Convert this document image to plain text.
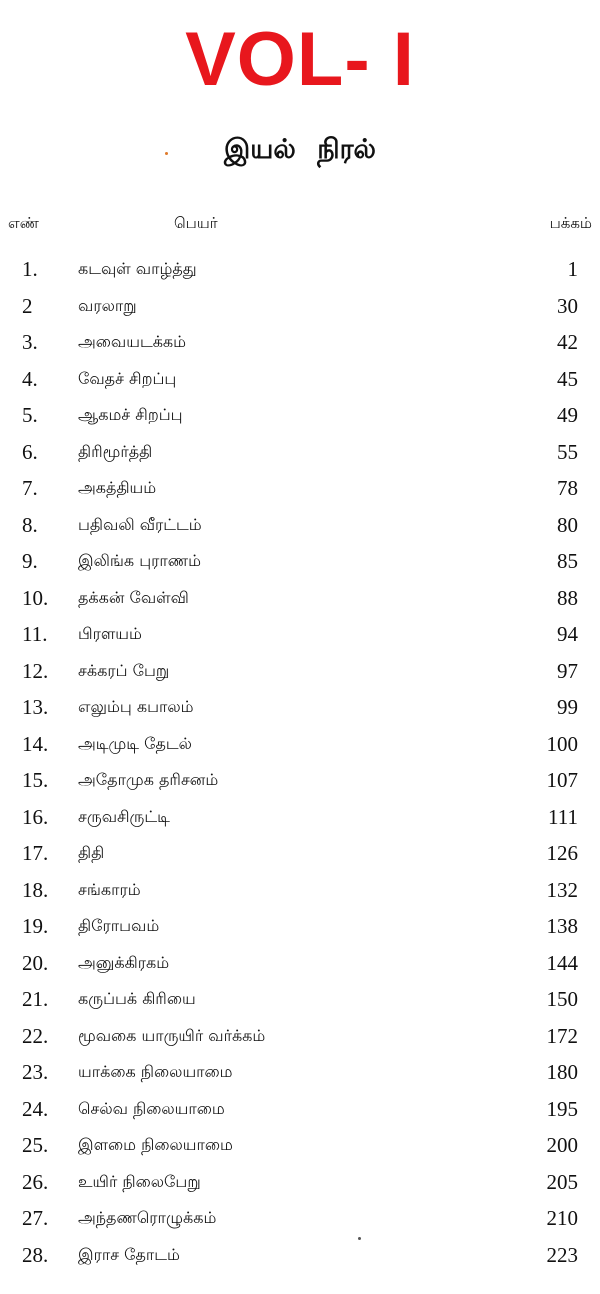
VOL- I
இயல் நிரல்
எண்	பெயர்	பக்கம்
1.	கடவுள் வாழ்த்து	1
2	வரலாறு	30
3.	அவையடக்கம்	42
4.	வேதச் சிறப்பு	45
5.	ஆகமச் சிறப்பு	49
6.	திரிமூர்த்தி	55
7.	அகத்தியம்	78
8.	பதிவலி வீரட்டம்	80
9.	இலிங்க புராணம்	85
10. தக்கன் வேள்வி	88
11. பிரளயம்	94
12. சக்கரப் பேறு	97
13. எலும்பு கபாலம்	99
14. அடிமுடி தேடல்	100
15. அதோமுக தரிசனம்	107
16. சருவசிருட்டி	111
17. திதி	126
18. சங்காரம்	132
19. திரோபவம்	138
20. அனுக்கிரகம்	144
21. கருப்பக் கிரியை	150
22. மூவகை யாருயிர் வர்க்கம்	172
23. யாக்கை நிலையாமை	180
24. செல்வ நிலையாமை	195
25. இளமை நிலையாமை	200
26. உயிர் நிலைபேறு	205
27. அந்தணரொழுக்கம்	210
28. இராச தோடம்	223
